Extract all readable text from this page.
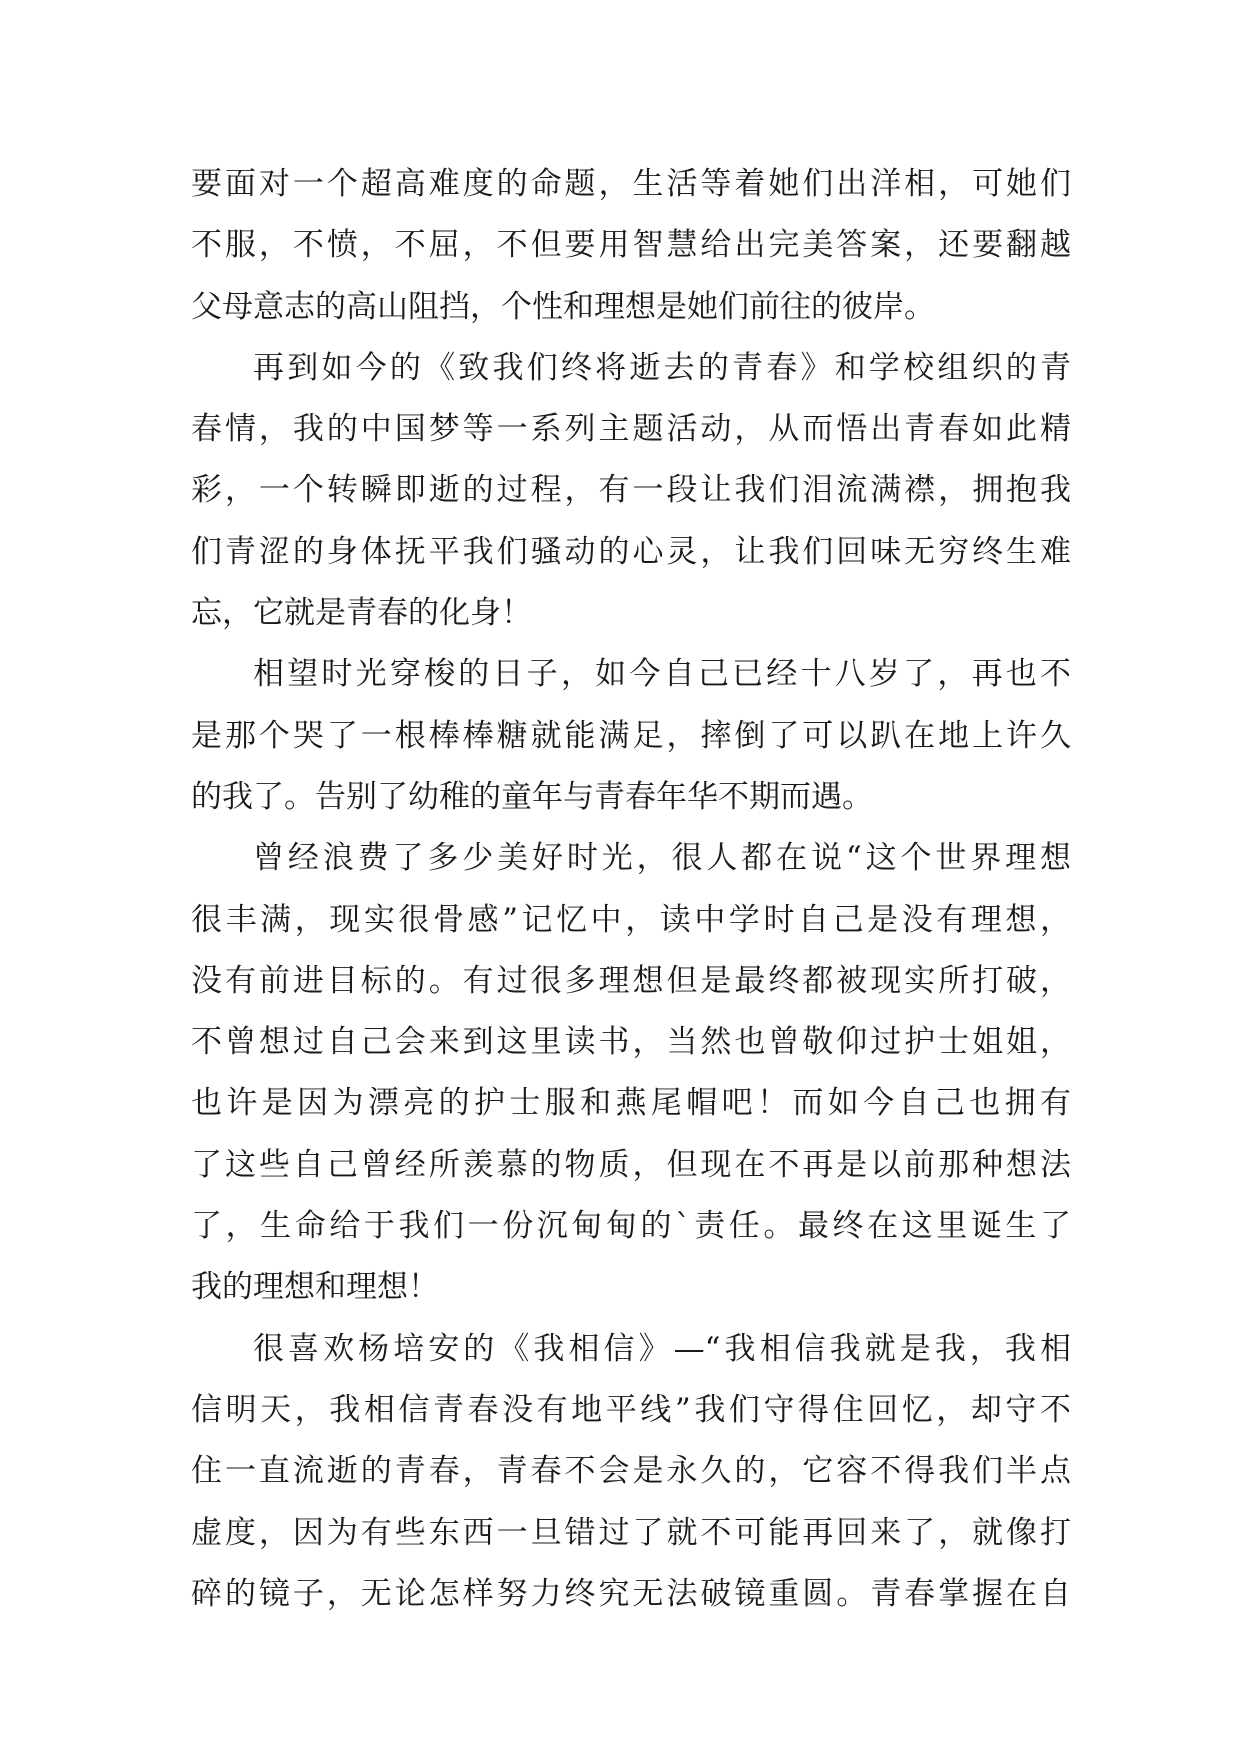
要面对一个超高难度的命题，生活等着她们出洋相，可她们
不服，不愤，不屈，不但要用智慧给出完美答案，还要翻越
父母意志的高山阻挡，个性和理想是她们前往的彼岸。
再到如今的《致我们终将逝去的青春》和学校组织的青
春情，我的中国梦等一系列主题活动，从而悟出青春如此精
彩，一个转瞬即逝的过程，有一段让我们泪流满襟，拥抱我
们青涩的身体抚平我们骚动的心灵，让我们回味无穷终生难
忘，它就是青春的化身！
相望时光穿梭的日子，如今自己已经十八岁了，再也不
是那个哭了一根棒棒糖就能满足，摔倒了可以趴在地上许久
的我了。告别了幼稚的童年与青春年华不期而遇。
曾经浪费了多少美好时光，很人都在说“这个世界理想
很丰满，现实很骨感”记忆中，读中学时自己是没有理想，
没有前进目标的。有过很多理想但是最终都被现实所打破，
不曾想过自己会来到这里读书，当然也曾敬仰过护士姐姐，
也许是因为漂亮的护士服和燕尾帽吧！而如今自己也拥有
了这些自己曾经所羡慕的物质，但现在不再是以前那种想法
了，生命给于我们一份沉甸甸的`责任。最终在这里诞生了
我的理想和理想！
很喜欢杨培安的《我相信》—“我相信我就是我，我相
信明天，我相信青春没有地平线”我们守得住回忆，却守不
住一直流逝的青春，青春不会是永久的，它容不得我们半点
虚度，因为有些东西一旦错过了就不可能再回来了，就像打
碎的镜子，无论怎样努力终究无法破镜重圆。青春掌握在自
